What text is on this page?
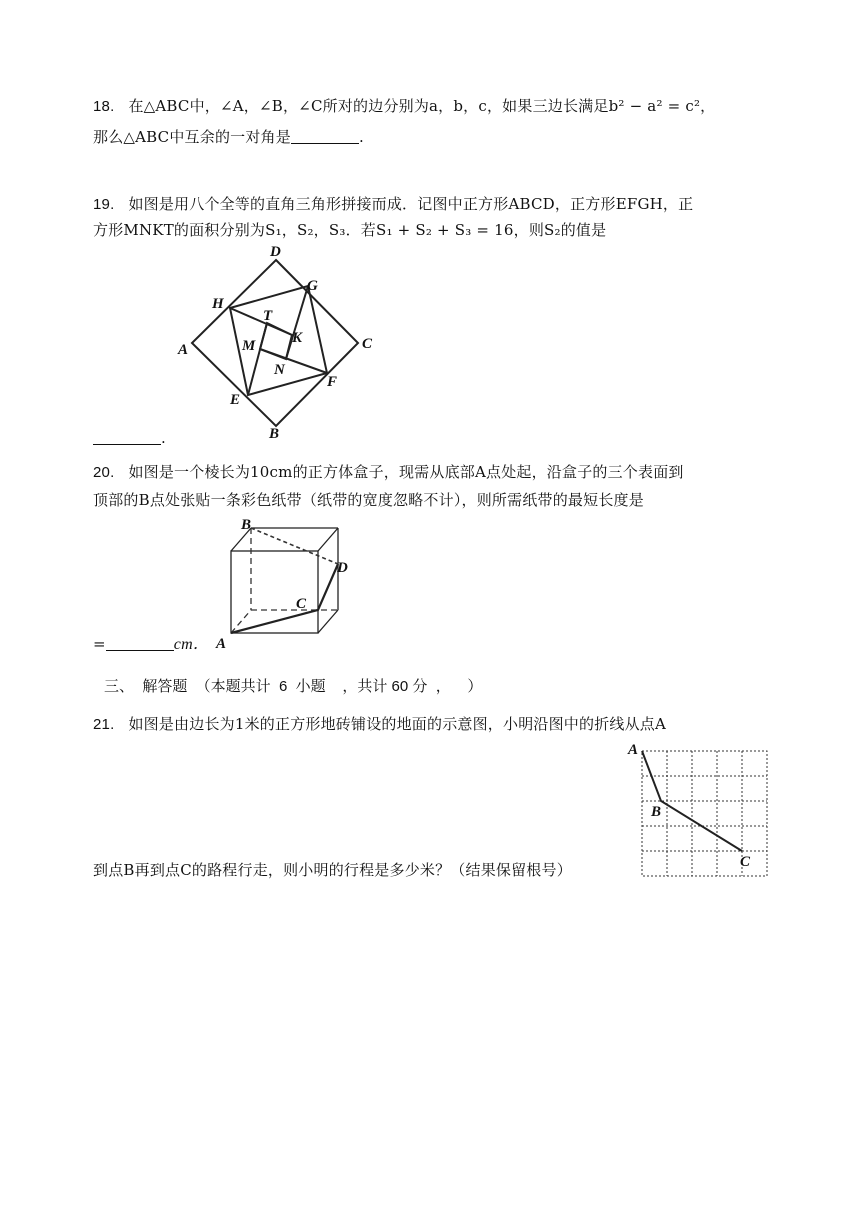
18. 在△ABC中，∠A，∠B，∠C所对的边分别为a，b，c，如果三边长满足b² − a² = c²，
那么△ABC中互余的一对角是	.
19. 如图是用八个全等的直角三角形拼接而成．记图中正方形ABCD，正方形EFGH，正
方形MNKT的面积分别为S₁，S₂，S₃．若S₁ + S₂ + S₃ = 16，则S₂的值是
D
G
H
T
K
M
A	C
N
F
E
B
.
20. 如图是一个棱长为10cm的正方体盒子，现需从底部A点处起，沿盒子的三个表面到
顶部的B点处张贴一条彩色纸带（纸带的宽度忽略不计），则所需纸带的最短长度是
B
D
C
A
=	cm．
三、  解答题  （本题共计  6  小题    ，共计 60 分  ，    ）
21. 如图是由边长为1米的正方形地砖铺设的地面的示意图，小明沿图中的折线从点A
A
B
C
到点B再到点C的路程行走，则小明的行程是多少米？（结果保留根号）
